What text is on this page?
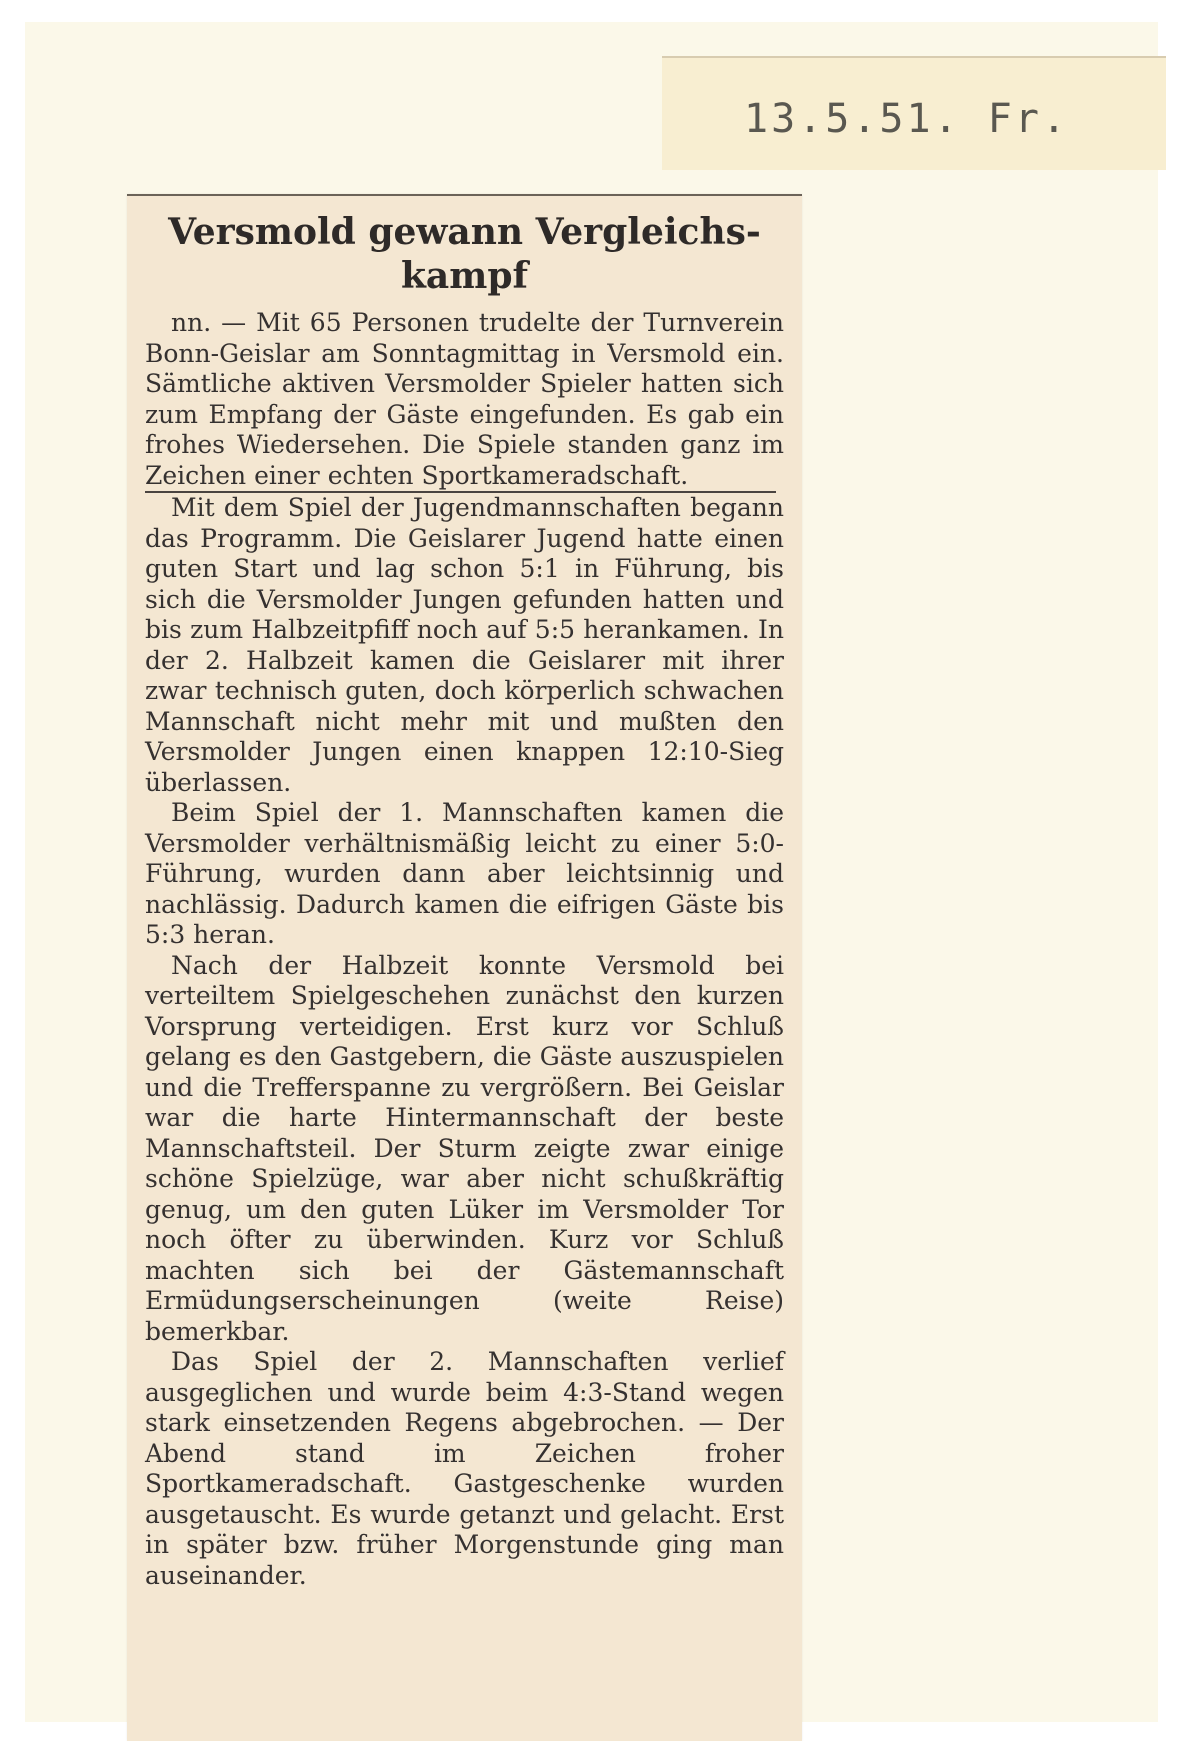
13.5.51. Fr.
Versmold gewann Vergleichs-
kampf

nn. — Mit 65 Personen trudelte der Turnverein Bonn-Geislar am Sonntagmittag in Versmold ein. Sämtliche aktiven Versmolder Spieler hatten sich zum Empfang der Gäste eingefunden. Es gab ein frohes Wiedersehen. Die Spiele standen ganz im Zeichen einer echten Sportkameradschaft.

Mit dem Spiel der Jugendmannschaften begann das Programm. Die Geislarer Jugend hatte einen guten Start und lag schon 5:1 in Führung, bis sich die Versmolder Jungen gefunden hatten und bis zum Halbzeitpfiff noch auf 5:5 herankamen. In der 2. Halbzeit kamen die Geislarer mit ihrer zwar technisch guten, doch körperlich schwachen Mannschaft nicht mehr mit und mußten den Versmolder Jungen einen knappen 12:10-Sieg überlassen.

Beim Spiel der 1. Mannschaften kamen die Versmolder verhältnismäßig leicht zu einer 5:0-Führung, wurden dann aber leichtsinnig und nachlässig. Dadurch kamen die eifrigen Gäste bis 5:3 heran.

Nach der Halbzeit konnte Versmold bei verteiltem Spielgeschehen zunächst den kurzen Vorsprung verteidigen. Erst kurz vor Schluß gelang es den Gastgebern, die Gäste auszuspielen und die Trefferspanne zu vergrößern. Bei Geislar war die harte Hintermannschaft der beste Mannschaftsteil. Der Sturm zeigte zwar einige schöne Spielzüge, war aber nicht schußkräftig genug, um den guten Lüker im Versmolder Tor noch öfter zu überwinden. Kurz vor Schluß machten sich bei der Gästemannschaft Ermüdungserscheinungen (weite Reise) bemerkbar.

Das Spiel der 2. Mannschaften verlief ausgeglichen und wurde beim 4:3-Stand wegen stark einsetzenden Regens abgebrochen. — Der Abend stand im Zeichen froher Sportkameradschaft. Gastgeschenke wurden ausgetauscht. Es wurde getanzt und gelacht. Erst in später bzw. früher Morgenstunde ging man auseinander.
